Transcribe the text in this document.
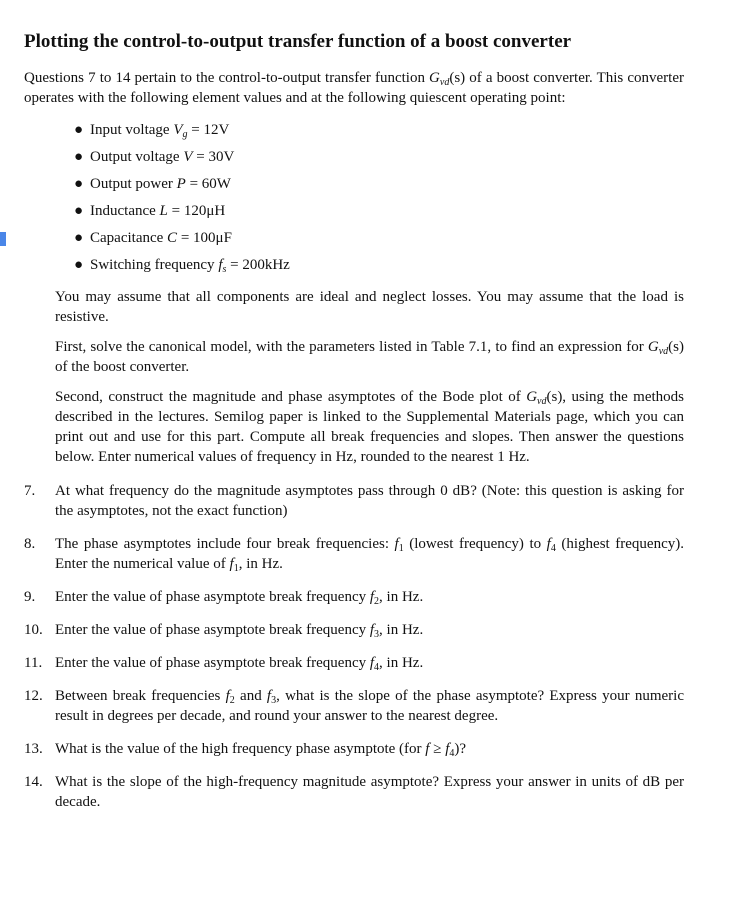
Plotting the control-to-output transfer function of a boost converter

Questions 7 to 14 pertain to the control-to-output transfer function $G_{vd}(s)$ of a boost converter. This converter operates with the following element values and at the following quiescent operating point:

● Input voltage $V_g = 12V$
● Output voltage V = 30V
● Output power P = 60W
● Inductance L = 120μH
● Capacitance C = 100μF
● Switching frequency $f_s = 200kHz$

You may assume that all components are ideal and neglect losses. You may assume that the load is resistive.

First, solve the canonical model, with the parameters listed in Table 7.1, to find an expression for $G_{vd}(s)$ of the boost converter.

Second, construct the magnitude and phase asymptotes of the Bode plot of $G_{vd}(s)$, using the methods described in the lectures. Semilog paper is linked to the Supplemental Materials page, which you can print out and use for this part. Compute all break frequencies and slopes. Then answer the questions below. Enter numerical values of frequency in Hz, rounded to the nearest 1 Hz.

7.	At what frequency do the magnitude asymptotes pass through 0 dB? (Note: this question is asking for the asymptotes, not the exact function)
8.	The phase asymptotes include four break frequencies: $f_1$ (lowest frequency) to $f_4$ (highest frequency). Enter the numerical value of $f_1$, in Hz.
9.	Enter the value of phase asymptote break frequency $f_2$, in Hz.
10. Enter the value of phase asymptote break frequency $f_3$, in Hz.
11. Enter the value of phase asymptote break frequency $f_4$, in Hz.
12. Between break frequencies $f_2$ and $f_3$, what is the slope of the phase asymptote? Express your numeric result in degrees per decade, and round your answer to the nearest degree.
13. What is the value of the high frequency phase asymptote (for $f \ge f_4$)?
14. What is the slope of the high-frequency magnitude asymptote? Express your answer in units of dB per decade.
